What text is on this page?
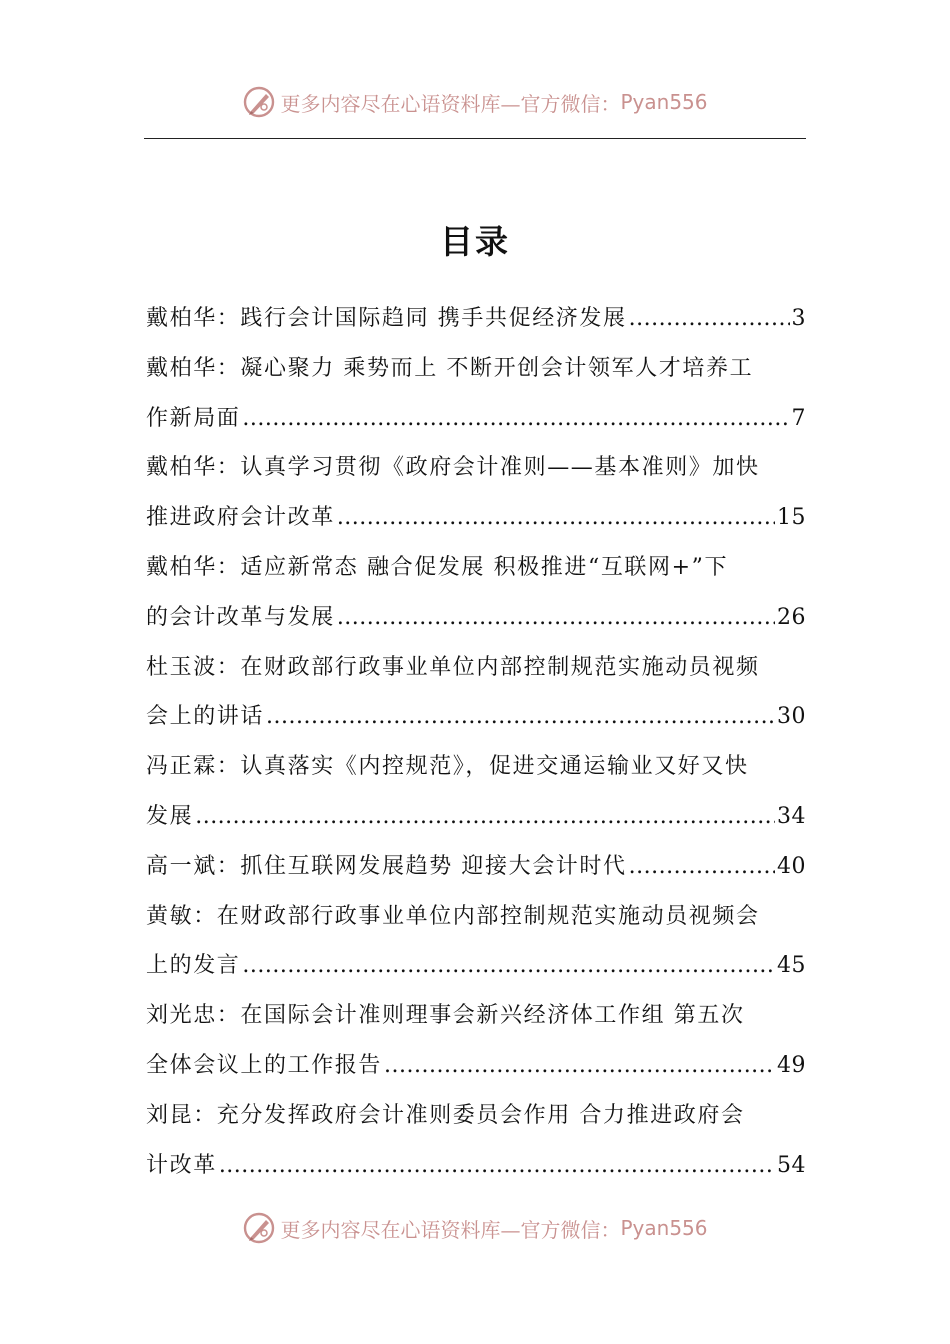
更多内容尽在心语资料库—官方微信： Pyan556
目录
戴柏华：践行会计国际趋同 携手共促经济发展 .....	3
戴柏华：凝心聚力 乘势而上 不断开创会计领军人才培养工
作新局面 .....	7
戴柏华：认真学习贯彻《政府会计准则——基本准则》加快
推进政府会计改革 .....	15
戴柏华：适应新常态 融合促发展 积极推进“互联网+”下
的会计改革与发展 .....	26
杜玉波：在财政部行政事业单位内部控制规范实施动员视频
会上的讲话 .....	30
冯正霖：认真落实《内控规范》，促进交通运输业又好又快
发展 .....	34
高一斌：抓住互联网发展趋势 迎接大会计时代 .....	40
黄敏：在财政部行政事业单位内部控制规范实施动员视频会
上的发言 .....	45
刘光忠：在国际会计准则理事会新兴经济体工作组 第五次
全体会议上的工作报告 .....	49
刘昆：充分发挥政府会计准则委员会作用 合力推进政府会
计改革 .....	54
更多内容尽在心语资料库—官方微信： Pyan556
